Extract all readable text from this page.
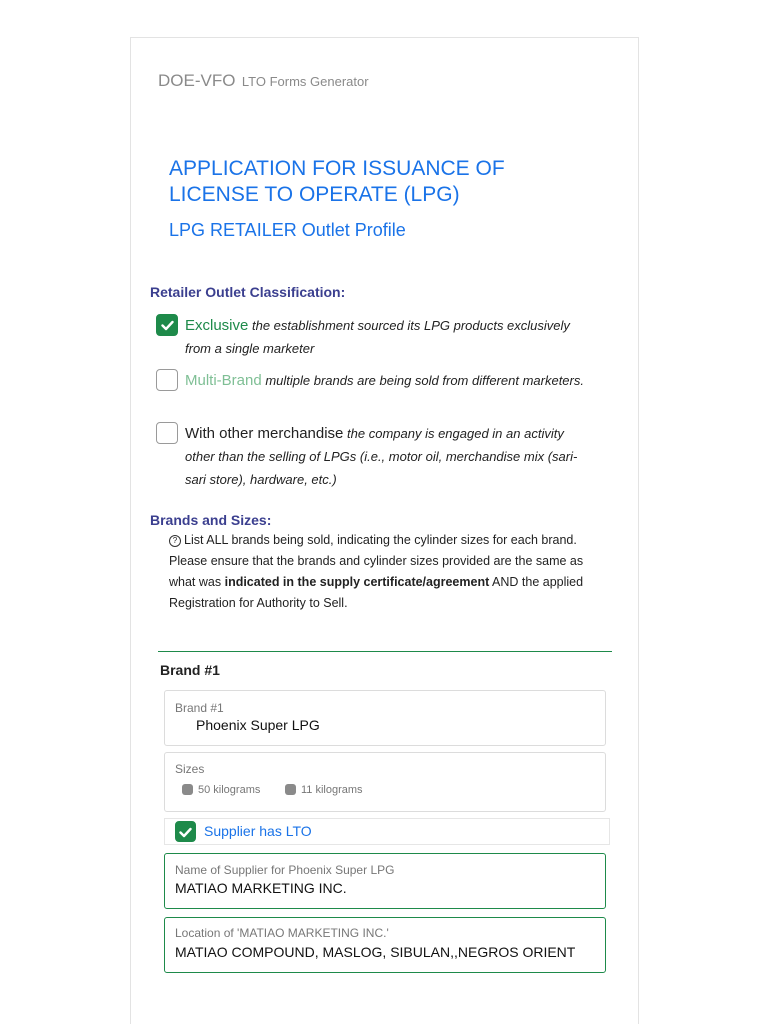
DOE-VFO LTO Forms Generator
APPLICATION FOR ISSUANCE OF LICENSE TO OPERATE (LPG)
LPG RETAILER Outlet Profile
Retailer Outlet Classification:
Exclusive the establishment sourced its LPG products exclusively from a single marketer
Multi-Brand multiple brands are being sold from different marketers.
With other merchandise the company is engaged in an activity other than the selling of LPGs (i.e., motor oil, merchandise mix (sari-sari store), hardware, etc.)
Brands and Sizes:
? List ALL brands being sold, indicating the cylinder sizes for each brand. Please ensure that the brands and cylinder sizes provided are the same as what was indicated in the supply certificate/agreement AND the applied Registration for Authority to Sell.
Brand #1
Brand #1
Phoenix Super LPG
Sizes
50 kilograms	11 kilograms
Supplier has LTO
Name of Supplier for Phoenix Super LPG
MATIAO MARKETING INC.
Location of 'MATIAO MARKETING INC.'
MATIAO COMPOUND, MASLOG, SIBULAN,,NEGROS ORIENT
